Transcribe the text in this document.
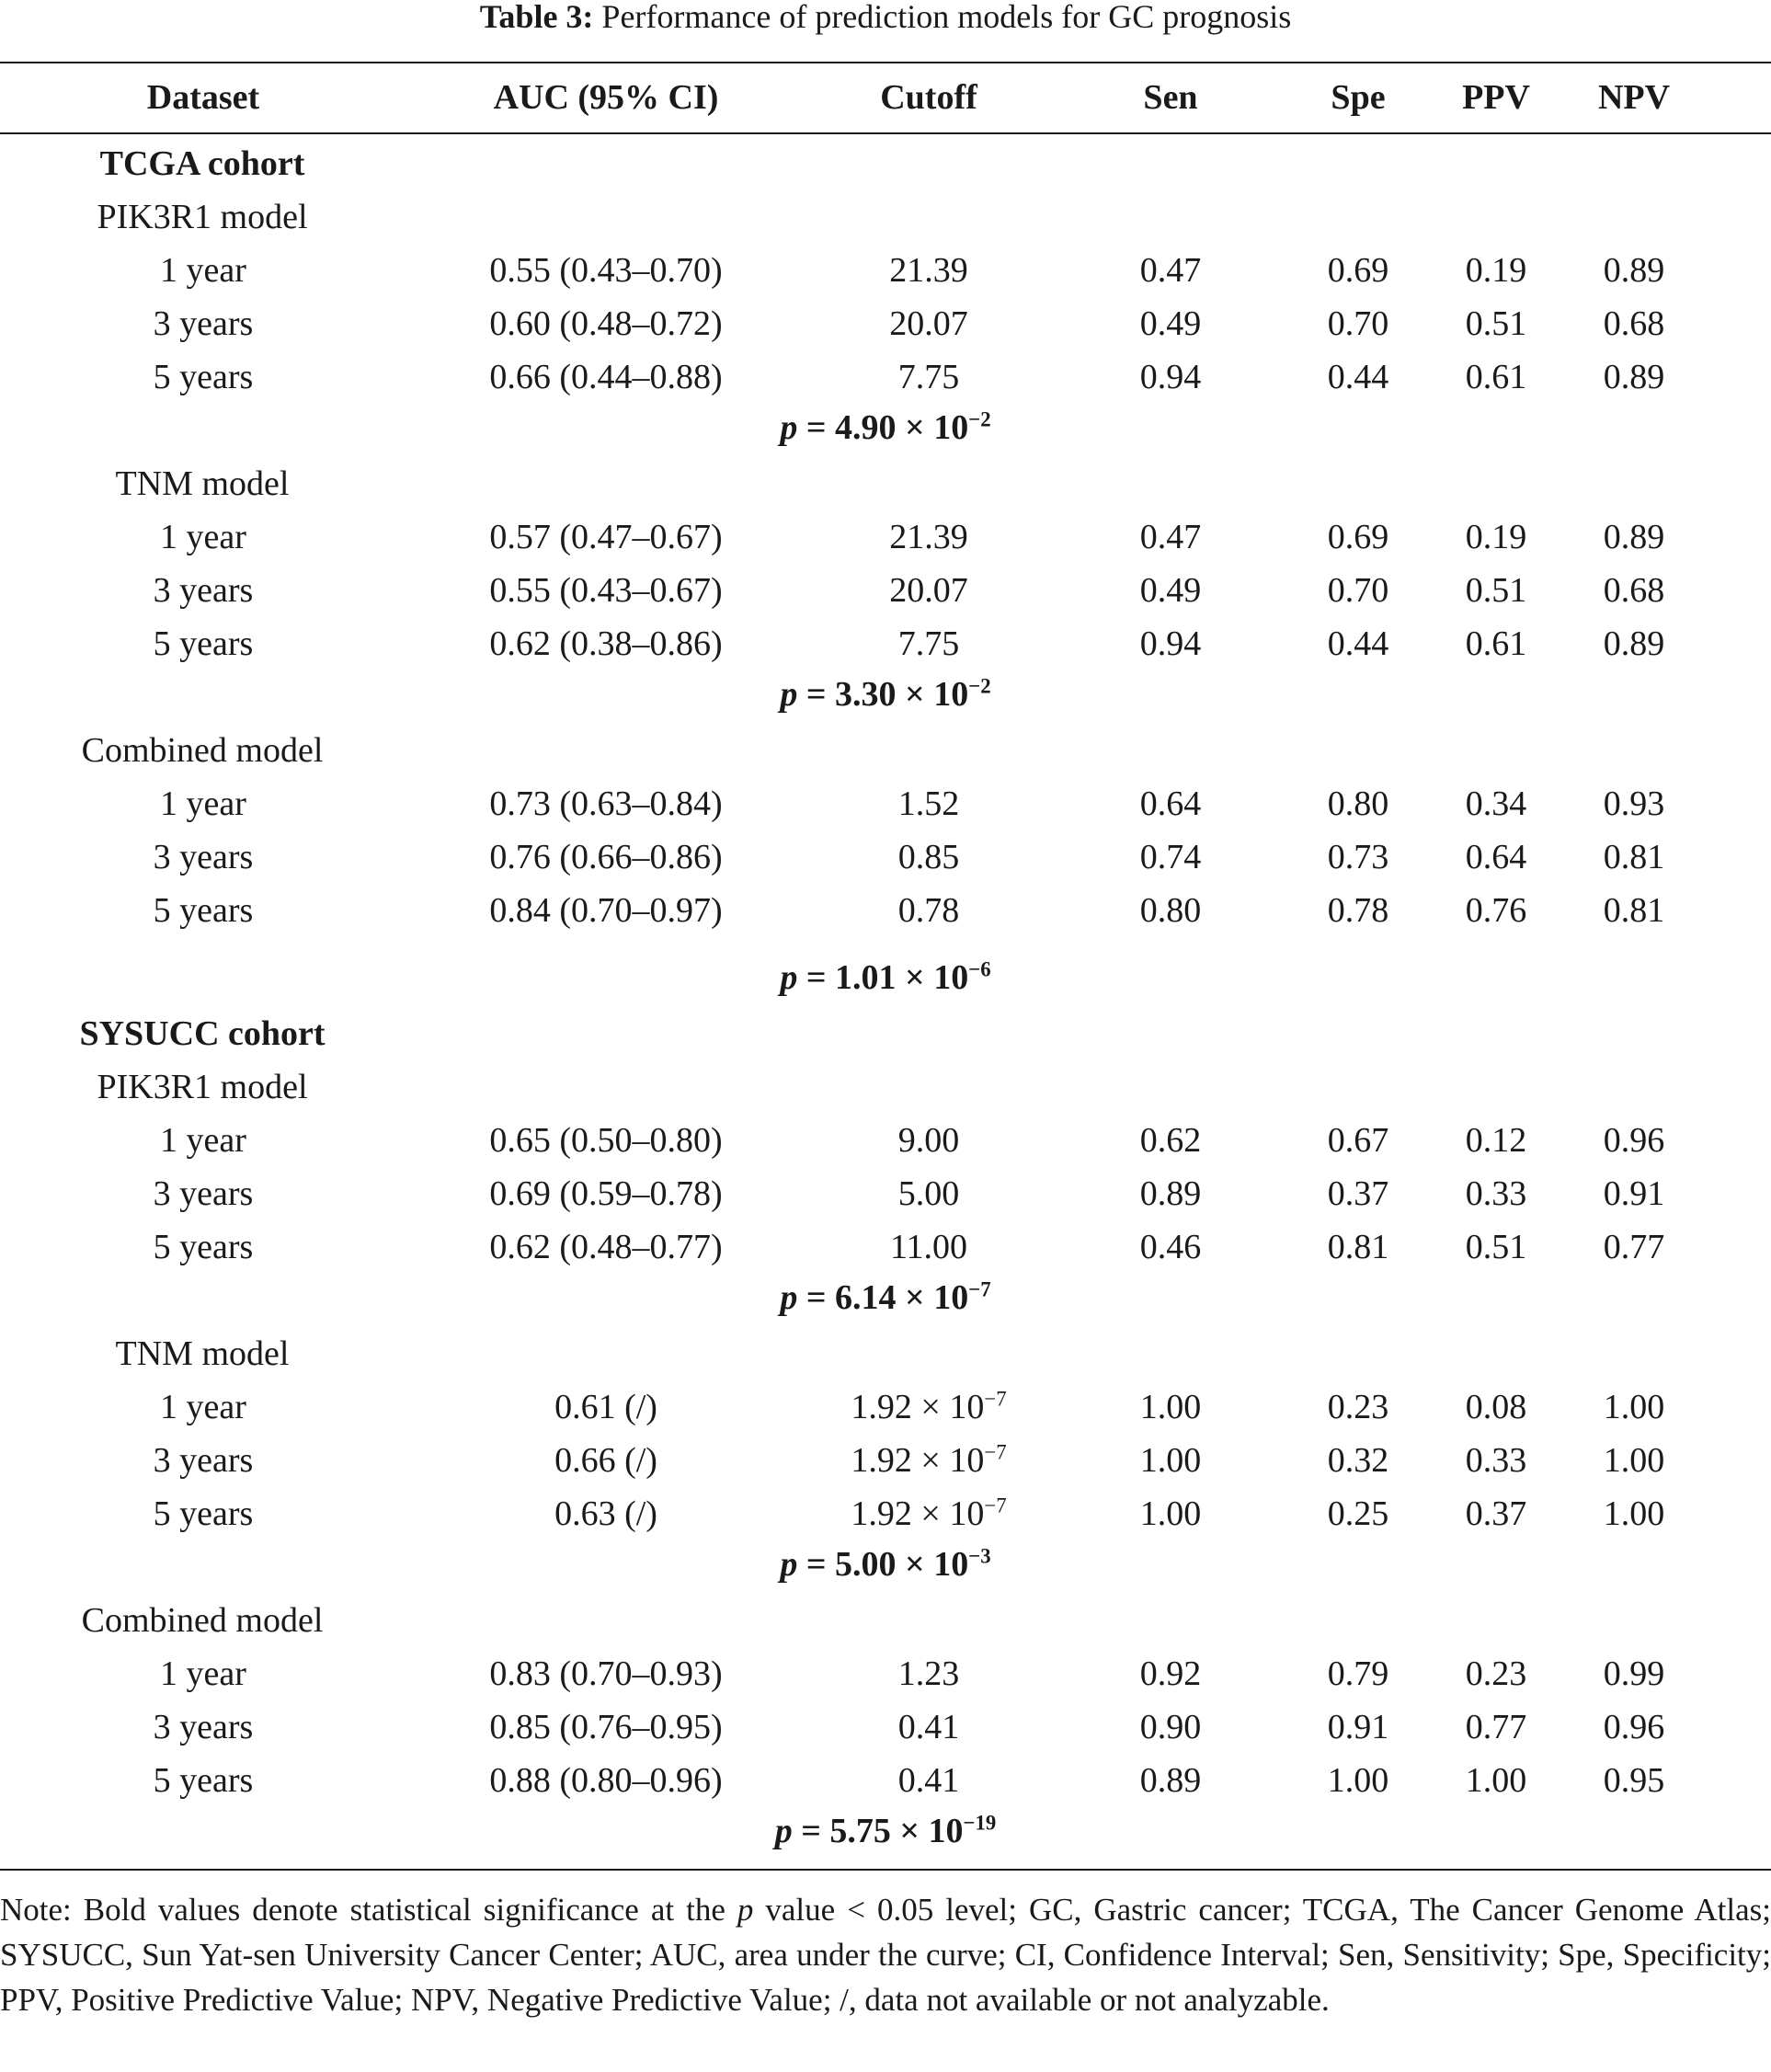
Table 3: Performance of prediction models for GC prognosis
Dataset	AUC (95% CI)	Cutoff	Sen	Spe PPV NPV
TCGA cohort
PIK3R1 model
1 year	0.55 (0.43–0.70)	21.39	0.47	0.69 0.19 0.89
3 years	0.60 (0.48–0.72)	20.07	0.49	0.70 0.51 0.68
5 years	0.66 (0.44–0.88)	7.75	0.94	0.44 0.61 0.89
$p = 4.90 \times 10^{-2}$
TNM model
1 year	0.57 (0.47–0.67)	21.39	0.47	0.69 0.19 0.89
3 years	0.55 (0.43–0.67)	20.07	0.49	0.70 0.51 0.68
5 years	0.62 (0.38–0.86)	7.75	0.94	0.44 0.61 0.89
$p = 3.30 \times 10^{-2}$
Combined model
1 year	0.73 (0.63–0.84)	1.52	0.64	0.80 0.34 0.93
3 years	0.76 (0.66–0.86)	0.85	0.74	0.73 0.64 0.81
5 years	0.84 (0.70–0.97)	0.78	0.80	0.78 0.76 0.81
$p = 1.01 \times 10^{-6}$
SYSUCC cohort
PIK3R1 model
1 year	0.65 (0.50–0.80)	9.00	0.62	0.67 0.12 0.96
3 years	0.69 (0.59–0.78)	5.00	0.89	0.37 0.33 0.91
5 years	0.62 (0.48–0.77)	11.00	0.46	0.81 0.51 0.77
$p = 6.14 \times 10^{-7}$
TNM model
1 year	0.61 (/)	$1.92 \times 10^{-7}$	1.00	0.23 0.08 1.00
3 years	0.66 (/)	$1.92 \times 10^{-7}$	1.00	0.32 0.33 1.00
5 years	0.63 (/)	$1.92 \times 10^{-7}$	1.00	0.25 0.37 1.00
$p = 5.00 \times 10^{-3}$
Combined model
1 year	0.83 (0.70–0.93)	1.23	0.92	0.79 0.23 0.99
3 years	0.85 (0.76–0.95)	0.41	0.90	0.91 0.77 0.96
5 years	0.88 (0.80–0.96)	0.41	0.89	1.00 1.00 0.95
$p = 5.75 \times 10^{-19}$
Note: Bold values denote statistical significance at the p value < 0.05 level; GC, Gastric cancer; TCGA, The Cancer Genome Atlas; SYSUCC, Sun Yat-sen University Cancer Center; AUC, area under the curve; CI, Confidence Interval; Sen, Sensitivity; Spe, Specificity; PPV, Positive Predictive Value; NPV, Negative Predictive Value; /, data not available or not analyzable.
